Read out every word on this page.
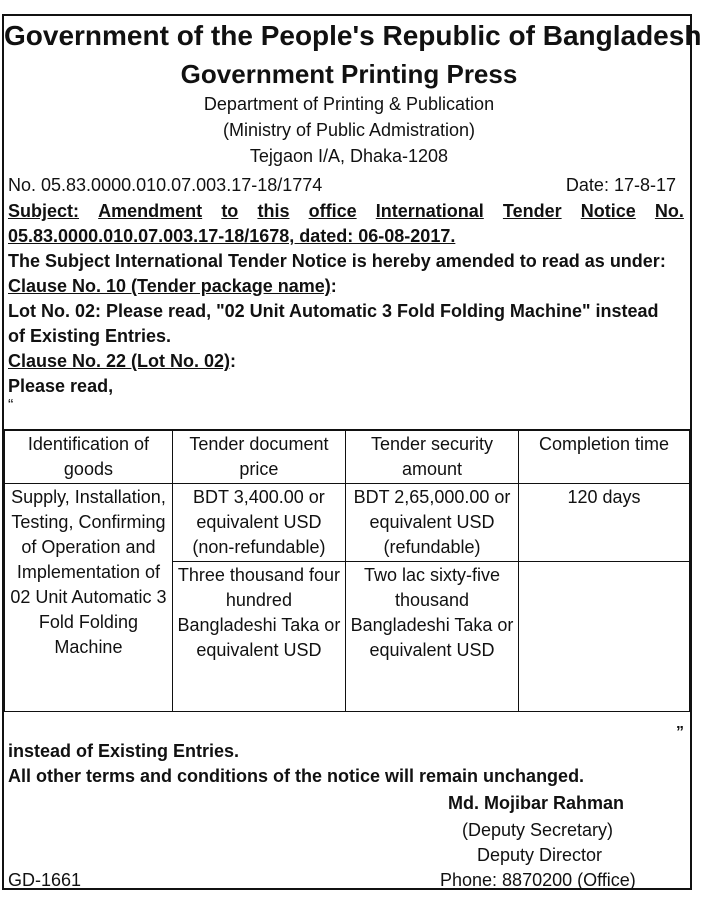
Government of the People's Republic of Bangladesh
Government Printing Press
Department of Printing & Publication
(Ministry of Public Admistration)
Tejgaon I/A, Dhaka-1208
No. 05.83.0000.010.07.003.17-18/1774	Date: 17-8-17
Subject: Amendment to this office International Tender Notice No.
05.83.0000.010.07.003.17-18/1678, dated: 06-08-2017.
The Subject International Tender Notice is hereby amended to read as under:
Clause No. 10 (Tender package name):
Lot No. 02: Please read, "02 Unit Automatic 3 Fold Folding Machine" instead
of Existing Entries.
Clause No. 22 (Lot No. 02):
Please read,
“
Identification of goods	Tender document price	Tender security amount	Completion time
Supply, Installation, Testing, Confirming of Operation and Implementation of 02 Unit Automatic 3 Fold Folding Machine	BDT 3,400.00 or equivalent USD (non-refundable)	BDT 2,65,000.00 or equivalent USD (refundable)	120 days
	Three thousand four hundred Bangladeshi Taka or equivalent USD	Two lac sixty-five thousand Bangladeshi Taka or equivalent USD	
”
instead of Existing Entries.
All other terms and conditions of the notice will remain unchanged.
Md. Mojibar Rahman
(Deputy Secretary)
Deputy Director
Phone: 8870200 (Office)
GD-1661
